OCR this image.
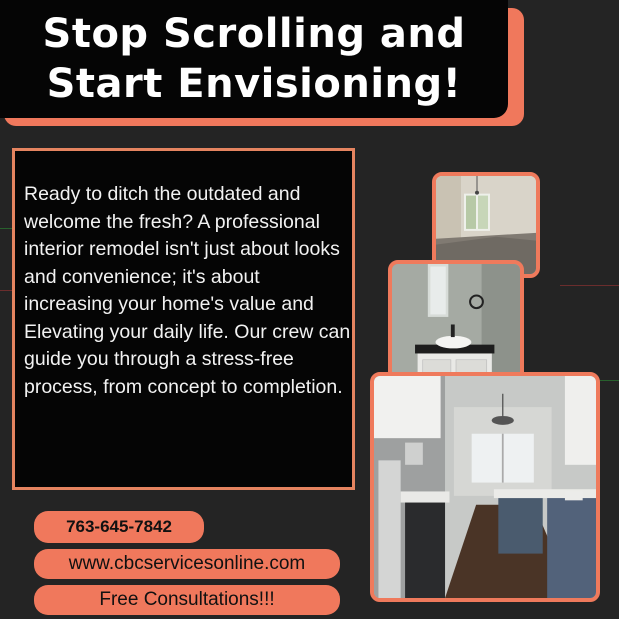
Stop Scrolling and
Start Envisioning!

Ready to ditch the outdated and welcome the fresh? A professional interior remodel isn't just about looks and convenience; it's about increasing your home's value and Elevating your daily life. Our crew can guide you through a stress-free process, from concept to completion.

763-645-7842
www.cbcservicesonline.com
Free Consultations!!!
